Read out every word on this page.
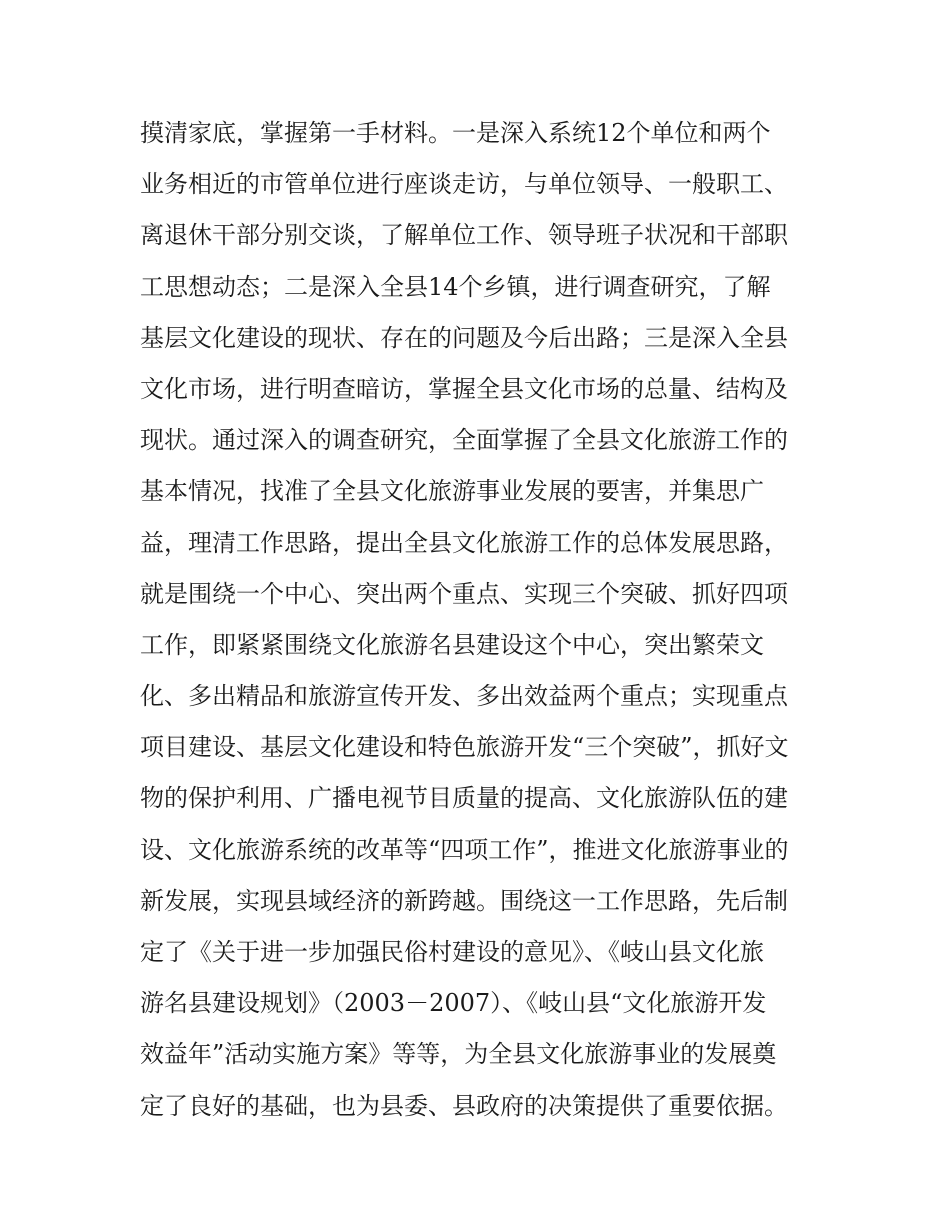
摸清家底，掌握第一手材料。一是深入系统12个单位和两个
业务相近的市管单位进行座谈走访，与单位领导、一般职工、
离退休干部分别交谈，了解单位工作、领导班子状况和干部职
工思想动态；二是深入全县14个乡镇，进行调查研究，了解
基层文化建设的现状、存在的问题及今后出路；三是深入全县
文化市场，进行明查暗访，掌握全县文化市场的总量、结构及
现状。通过深入的调查研究，全面掌握了全县文化旅游工作的
基本情况，找准了全县文化旅游事业发展的要害，并集思广
益，理清工作思路，提出全县文化旅游工作的总体发展思路，
就是围绕一个中心、突出两个重点、实现三个突破、抓好四项
工作，即紧紧围绕文化旅游名县建设这个中心，突出繁荣文
化、多出精品和旅游宣传开发、多出效益两个重点；实现重点
项目建设、基层文化建设和特色旅游开发“三个突破”，抓好文
物的保护利用、广播电视节目质量的提高、文化旅游队伍的建
设、文化旅游系统的改革等“四项工作”，推进文化旅游事业的
新发展，实现县域经济的新跨越。围绕这一工作思路，先后制
定了《关于进一步加强民俗村建设的意见》、《岐山县文化旅
游名县建设规划》（2003－2007）、《岐山县“文化旅游开发
效益年”活动实施方案》等等，为全县文化旅游事业的发展奠
定了良好的基础，也为县委、县政府的决策提供了重要依据。
